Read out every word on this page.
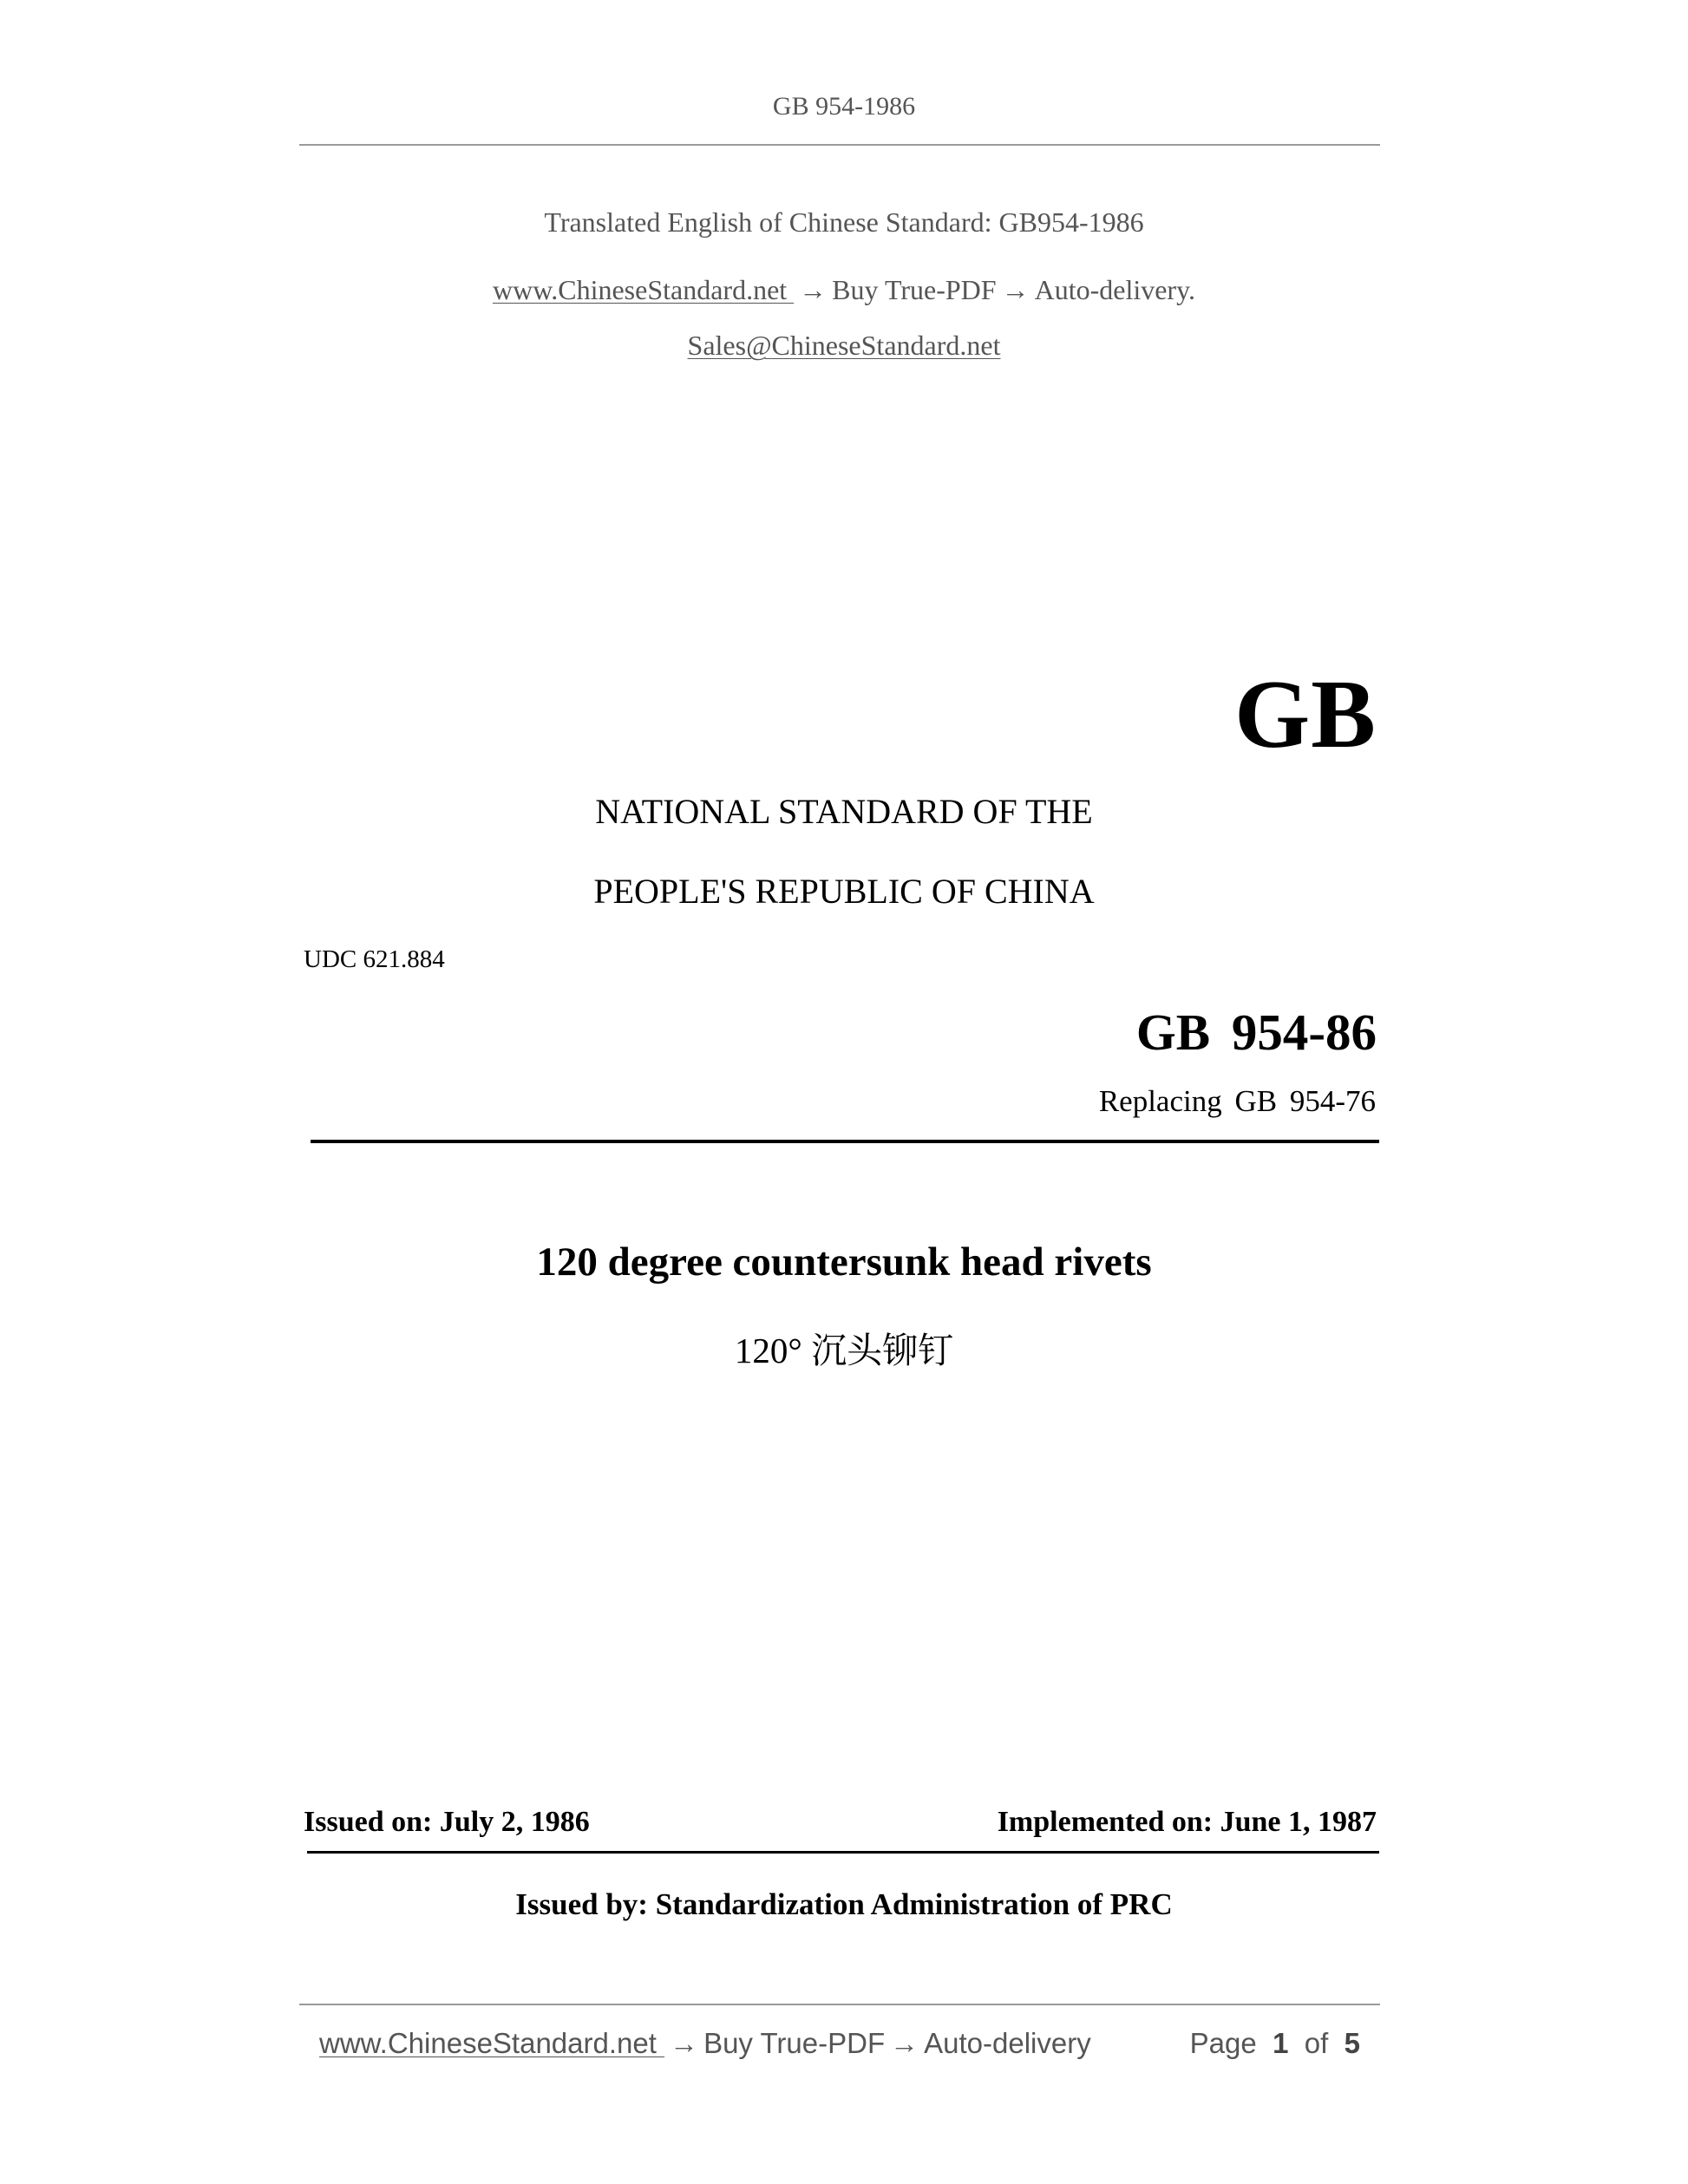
GB 954-1986
Translated English of Chinese Standard: GB954-1986
www.ChineseStandard.net → Buy True-PDF → Auto-delivery.
Sales@ChineseStandard.net
GB
NATIONAL STANDARD OF THE
PEOPLE'S REPUBLIC OF CHINA
UDC 621.884
GB 954-86
Replacing GB 954-76
120 degree countersunk head rivets
120° 沉头铆钉
Issued on: July 2, 1986	Implemented on: June 1, 1987
Issued by: Standardization Administration of PRC
www.ChineseStandard.net → Buy True-PDF → Auto-delivery	Page 1 of 5
